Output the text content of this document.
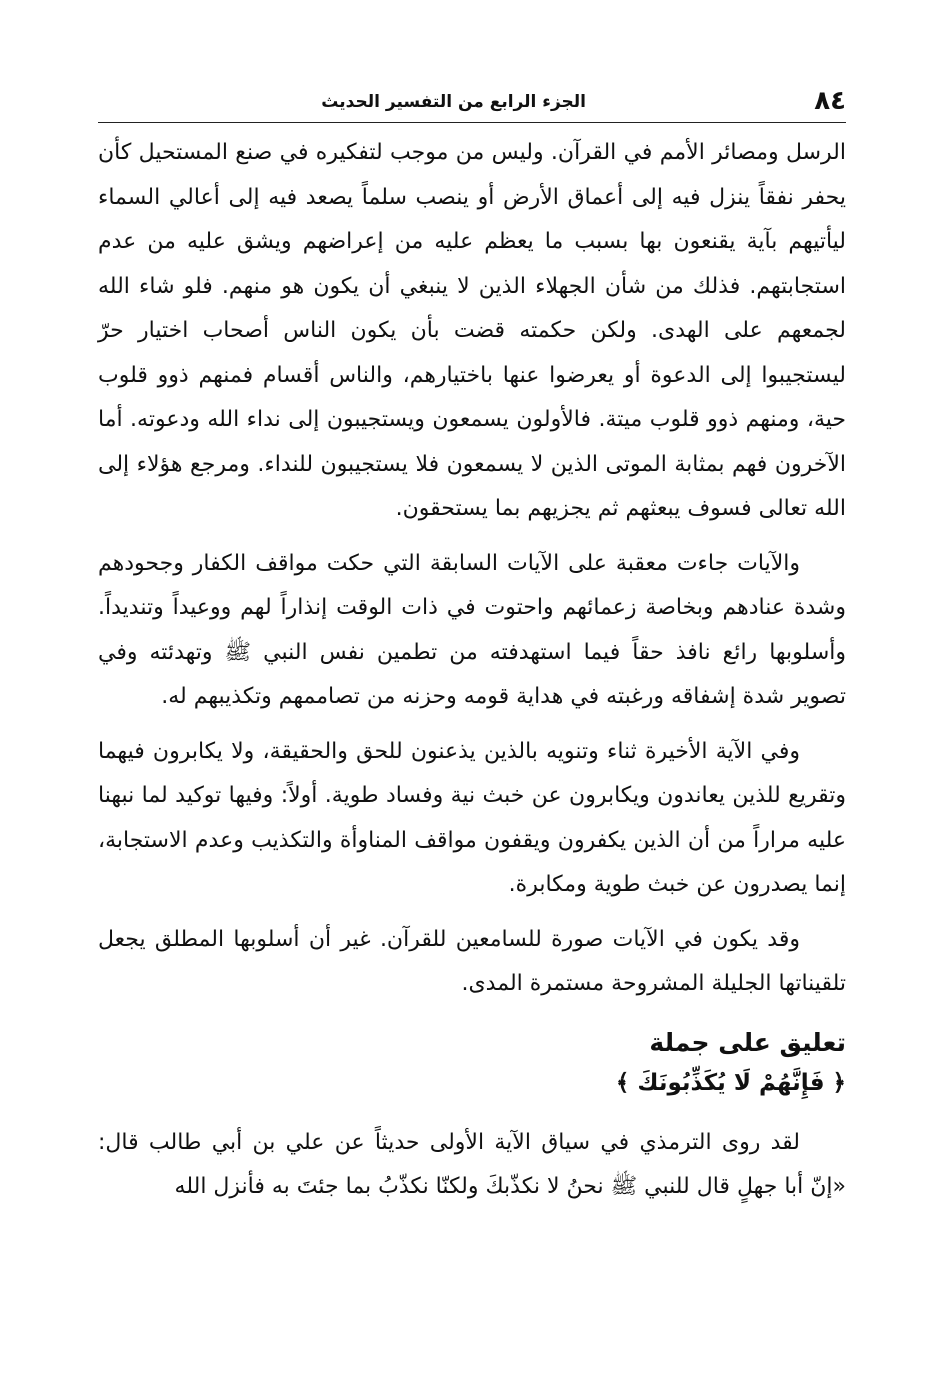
٨٤
الجزء الرابع من التفسير الحديث

الرسل ومصائر الأمم في القرآن. وليس من موجب لتفكيره في صنع المستحيل كأن يحفر نفقاً ينزل فيه إلى أعماق الأرض أو ينصب سلماً يصعد فيه إلى أعالي السماء ليأتيهم بآية يقنعون بها بسبب ما يعظم عليه من إعراضهم ويشق عليه من عدم استجابتهم. فذلك من شأن الجهلاء الذين لا ينبغي أن يكون هو منهم. فلو شاء الله لجمعهم على الهدى. ولكن حكمته قضت بأن يكون الناس أصحاب اختيار حرّ ليستجيبوا إلى الدعوة أو يعرضوا عنها باختيارهم، والناس أقسام فمنهم ذوو قلوب حية، ومنهم ذوو قلوب ميتة. فالأولون يسمعون ويستجيبون إلى نداء الله ودعوته. أما الآخرون فهم بمثابة الموتى الذين لا يسمعون فلا يستجيبون للنداء. ومرجع هؤلاء إلى الله تعالى فسوف يبعثهم ثم يجزيهم بما يستحقون.

والآيات جاءت معقبة على الآيات السابقة التي حكت مواقف الكفار وجحودهم وشدة عنادهم وبخاصة زعمائهم واحتوت في ذات الوقت إنذاراً لهم ووعيداً وتنديداً. وأسلوبها رائع نافذ حقاً فيما استهدفته من تطمين نفس النبي ﷺ وتهدئته وفي تصوير شدة إشفاقه ورغبته في هداية قومه وحزنه من تصاممهم وتكذيبهم له.

وفي الآية الأخيرة ثناء وتنويه بالذين يذعنون للحق والحقيقة، ولا يكابرون فيهما وتقريع للذين يعاندون ويكابرون عن خبث نية وفساد طوية. أولاً: وفيها توكيد لما نبهنا عليه مراراً من أن الذين يكفرون ويقفون مواقف المناوأة والتكذيب وعدم الاستجابة، إنما يصدرون عن خبث طوية ومكابرة.

وقد يكون في الآيات صورة للسامعين للقرآن. غير أن أسلوبها المطلق يجعل تلقيناتها الجليلة المشروحة مستمرة المدى.

تعليق على جملة
﴿ فَإِنَّهُمْ لَا يُكَذِّبُونَكَ ﴾

لقد روى الترمذي في سياق الآية الأولى حديثاً عن علي بن أبي طالب قال: «إنّ أبا جهلٍ قال للنبي ﷺ نحنُ لا نكذّبكَ ولكنّا نكذّبُ بما جئتَ به فأنزل الله
